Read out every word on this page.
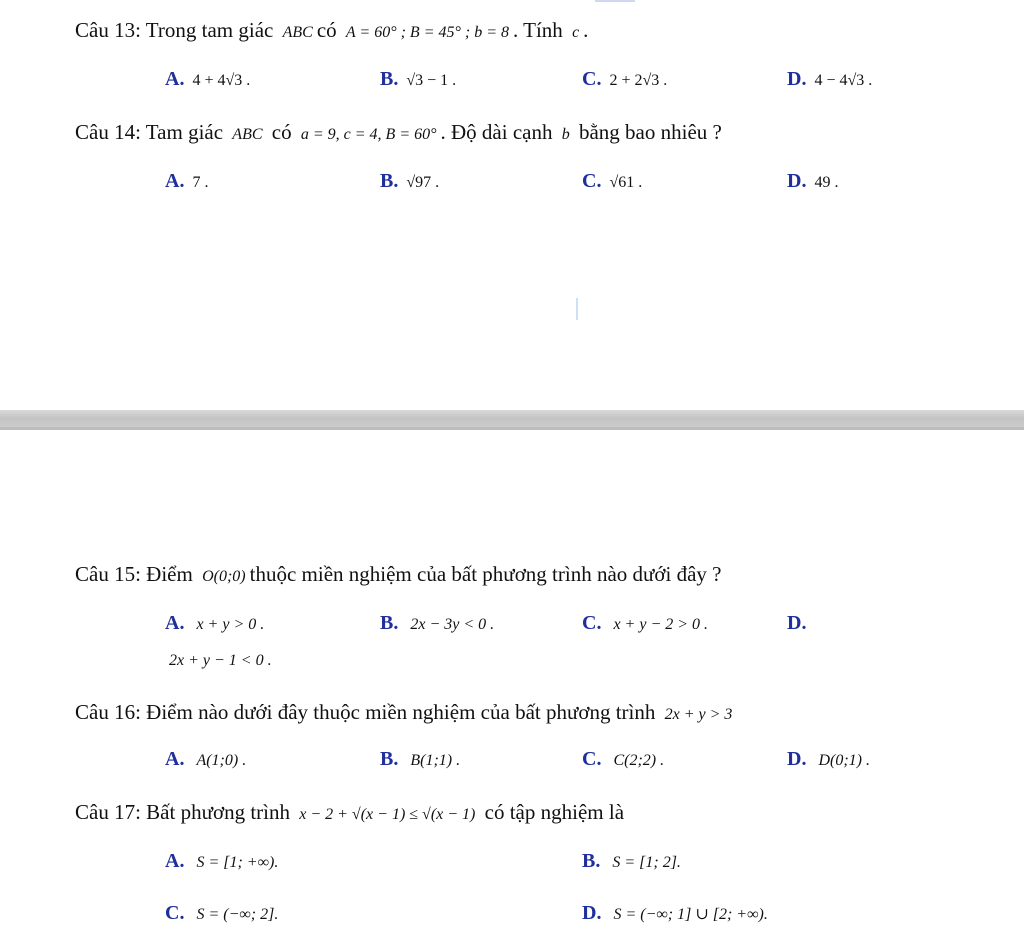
Câu 13: Trong tam giác ABC có A = 60° ; B = 45° ; b = 8 . Tính c .
A. 4 + 4√3 .	B. √3 − 1 .	C. 2 + 2√3 .	D. 4 − 4√3 .
Câu 14: Tam giác ABC có a = 9, c = 4, B = 60° . Độ dài cạnh b bằng bao nhiêu ?
A. 7 .	B. √97 .	C. √61 .	D. 49 .
Câu 15: Điểm O(0;0) thuộc miền nghiệm của bất phương trình nào dưới đây ?
A. x + y > 0 .	B. 2x − 3y < 0 .	C. x + y − 2 > 0 .	D.
2x + y − 1 < 0 .
Câu 16: Điểm nào dưới đây thuộc miền nghiệm của bất phương trình 2x + y > 3
A. A(1;0) .	B. B(1;1) .	C. C(2;2) .	D. D(0;1) .
Câu 17: Bất phương trình x − 2 + √(x − 1) ≤ √(x − 1) có tập nghiệm là
A. S = [1; +∞).	B. S = [1; 2].
C. S = (−∞; 2].	D. S = (−∞; 1] ∪ [2; +∞).
